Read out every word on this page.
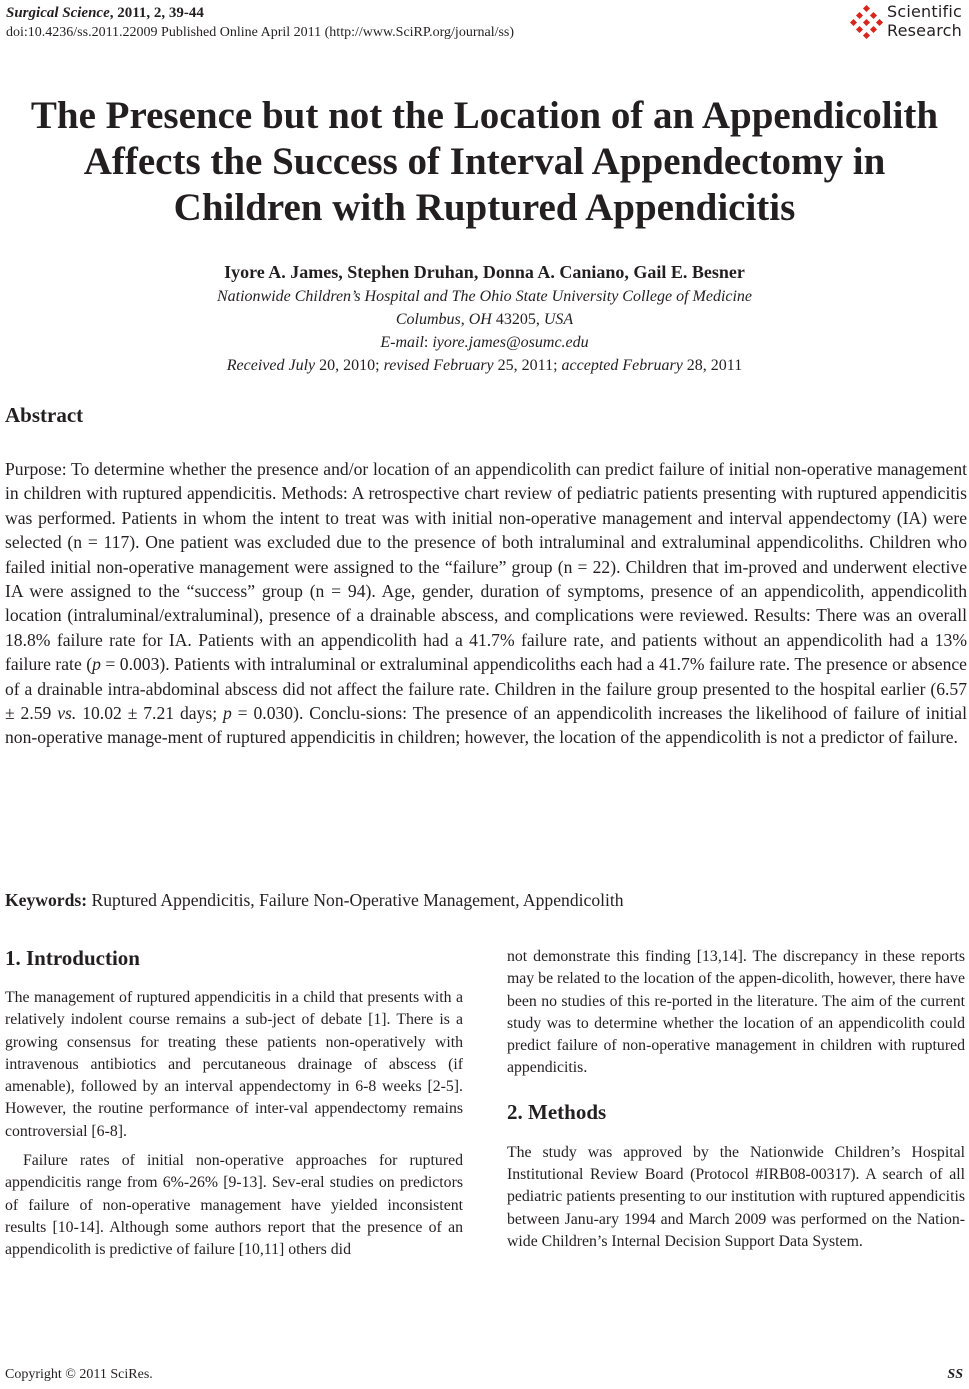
Surgical Science, 2011, 2, 39-44
doi:10.4236/ss.2011.22009 Published Online April 2011 (http://www.SciRP.org/journal/ss)
Scientific
Research
The Presence but not the Location of an Appendicolith Affects the Success of Interval Appendectomy in Children with Ruptured Appendicitis
Iyore A. James, Stephen Druhan, Donna A. Caniano, Gail E. Besner
Nationwide Children’s Hospital and The Ohio State University College of Medicine
Columbus, OH 43205, USA
E-mail: iyore.james@osumc.edu
Received July 20, 2010; revised February 25, 2011; accepted February 28, 2011
Abstract
Purpose: To determine whether the presence and/or location of an appendicolith can predict failure of initial non-operative management in children with ruptured appendicitis. Methods: A retrospective chart review of pediatric patients presenting with ruptured appendicitis was performed. Patients in whom the intent to treat was with initial non-operative management and interval appendectomy (IA) were selected (n = 117). One patient was excluded due to the presence of both intraluminal and extraluminal appendicoliths. Children who failed initial non-operative management were assigned to the “failure” group (n = 22). Children that im-proved and underwent elective IA were assigned to the “success” group (n = 94). Age, gender, duration of symptoms, presence of an appendicolith, appendicolith location (intraluminal/extraluminal), presence of a drainable abscess, and complications were reviewed. Results: There was an overall 18.8% failure rate for IA. Patients with an appendicolith had a 41.7% failure rate, and patients without an appendicolith had a 13% failure rate (p = 0.003). Patients with intraluminal or extraluminal appendicoliths each had a 41.7% failure rate. The presence or absence of a drainable intra-abdominal abscess did not affect the failure rate. Children in the failure group presented to the hospital earlier (6.57 ± 2.59 vs. 10.02 ± 7.21 days; p = 0.030). Conclu-sions: The presence of an appendicolith increases the likelihood of failure of initial non-operative manage-ment of ruptured appendicitis in children; however, the location of the appendicolith is not a predictor of failure.
Keywords: Ruptured Appendicitis, Failure Non-Operative Management, Appendicolith
1. Introduction

The management of ruptured appendicitis in a child that presents with a relatively indolent course remains a sub-ject of debate [1]. There is a growing consensus for treating these patients non-operatively with intravenous antibiotics and percutaneous drainage of abscess (if amenable), followed by an interval appendectomy in 6-8 weeks [2-5]. However, the routine performance of inter-val appendectomy remains controversial [6-8].

Failure rates of initial non-operative approaches for ruptured appendicitis range from 6%-26% [9-13]. Sev-eral studies on predictors of failure of non-operative management have yielded inconsistent results [10-14]. Although some authors report that the presence of an appendicolith is predictive of failure [10,11] others did

not demonstrate this finding [13,14]. The discrepancy in these reports may be related to the location of the appen-dicolith, however, there have been no studies of this re-ported in the literature. The aim of the current study was to determine whether the location of an appendicolith could predict failure of non-operative management in children with ruptured appendicitis.

2. Methods

The study was approved by the Nationwide Children’s Hospital Institutional Review Board (Protocol #IRB08-00317). A search of all pediatric patients presenting to our institution with ruptured appendicitis between Janu-ary 1994 and March 2009 was performed on the Nation-wide Children’s Internal Decision Support Data System.

Copyright © 2011 SciRes.	SS
